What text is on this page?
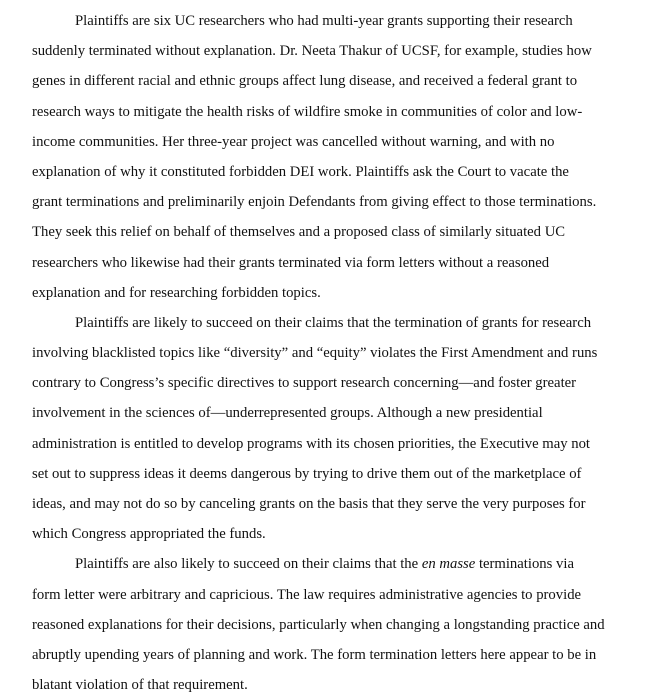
Plaintiffs are six UC researchers who had multi-year grants supporting their research
suddenly terminated without explanation. Dr. Neeta Thakur of UCSF, for example, studies how
genes in different racial and ethnic groups affect lung disease, and received a federal grant to
research ways to mitigate the health risks of wildfire smoke in communities of color and low-
income communities. Her three-year project was cancelled without warning, and with no
explanation of why it constituted forbidden DEI work. Plaintiffs ask the Court to vacate the
grant terminations and preliminarily enjoin Defendants from giving effect to those terminations.
They seek this relief on behalf of themselves and a proposed class of similarly situated UC
researchers who likewise had their grants terminated via form letters without a reasoned
explanation and for researching forbidden topics.
Plaintiffs are likely to succeed on their claims that the termination of grants for research
involving blacklisted topics like “diversity” and “equity” violates the First Amendment and runs
contrary to Congress’s specific directives to support research concerning—and foster greater
involvement in the sciences of—underrepresented groups. Although a new presidential
administration is entitled to develop programs with its chosen priorities, the Executive may not
set out to suppress ideas it deems dangerous by trying to drive them out of the marketplace of
ideas, and may not do so by canceling grants on the basis that they serve the very purposes for
which Congress appropriated the funds.
Plaintiffs are also likely to succeed on their claims that the en masse terminations via
form letter were arbitrary and capricious. The law requires administrative agencies to provide
reasoned explanations for their decisions, particularly when changing a longstanding practice and
abruptly upending years of planning and work. The form termination letters here appear to be in
blatant violation of that requirement.
